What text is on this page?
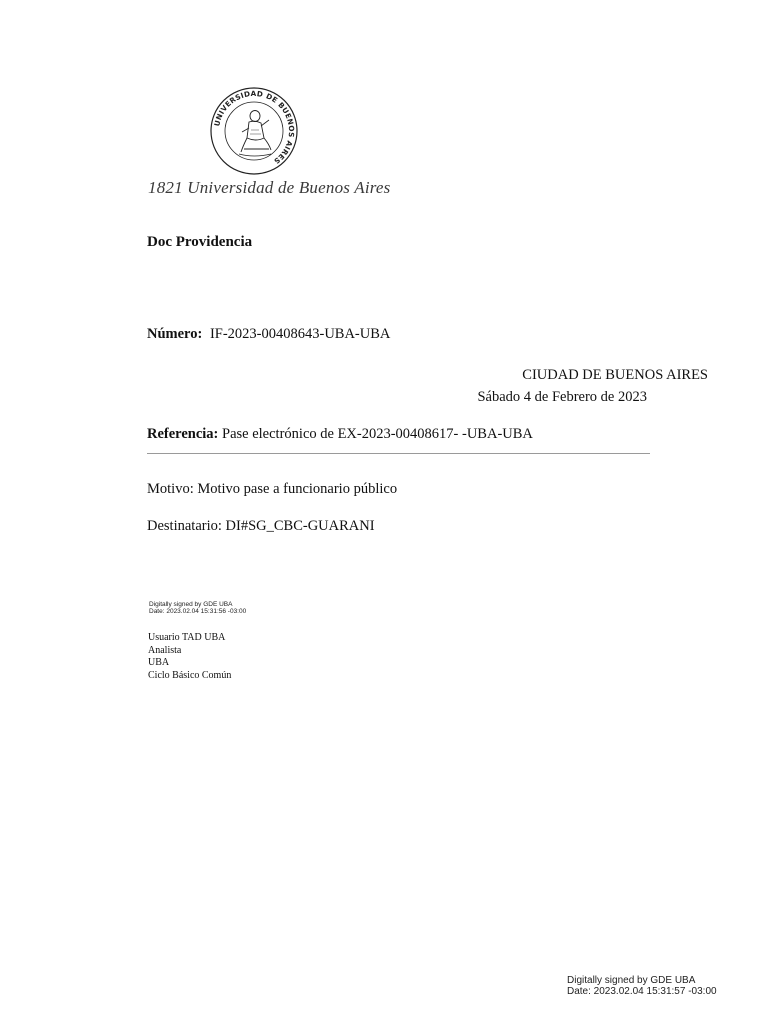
UNIVERSIDAD DE BUENOS AIRES
1821 Universidad de Buenos Aires
Doc Providencia
Número: IF-2023-00408643-UBA-UBA
CIUDAD DE BUENOS AIRES
Sábado 4 de Febrero de 2023
Referencia: Pase electrónico de EX-2023-00408617- -UBA-UBA
Motivo: Motivo pase a funcionario público
Destinatario: DI#SG_CBC-GUARANI
Digitally signed by GDE UBA
Date: 2023.02.04 15:31:56 -03:00
Usuario TAD UBA
Analista
UBA
Ciclo Básico Común
Digitally signed by GDE UBA
Date: 2023.02.04 15:31:57 -03:00
